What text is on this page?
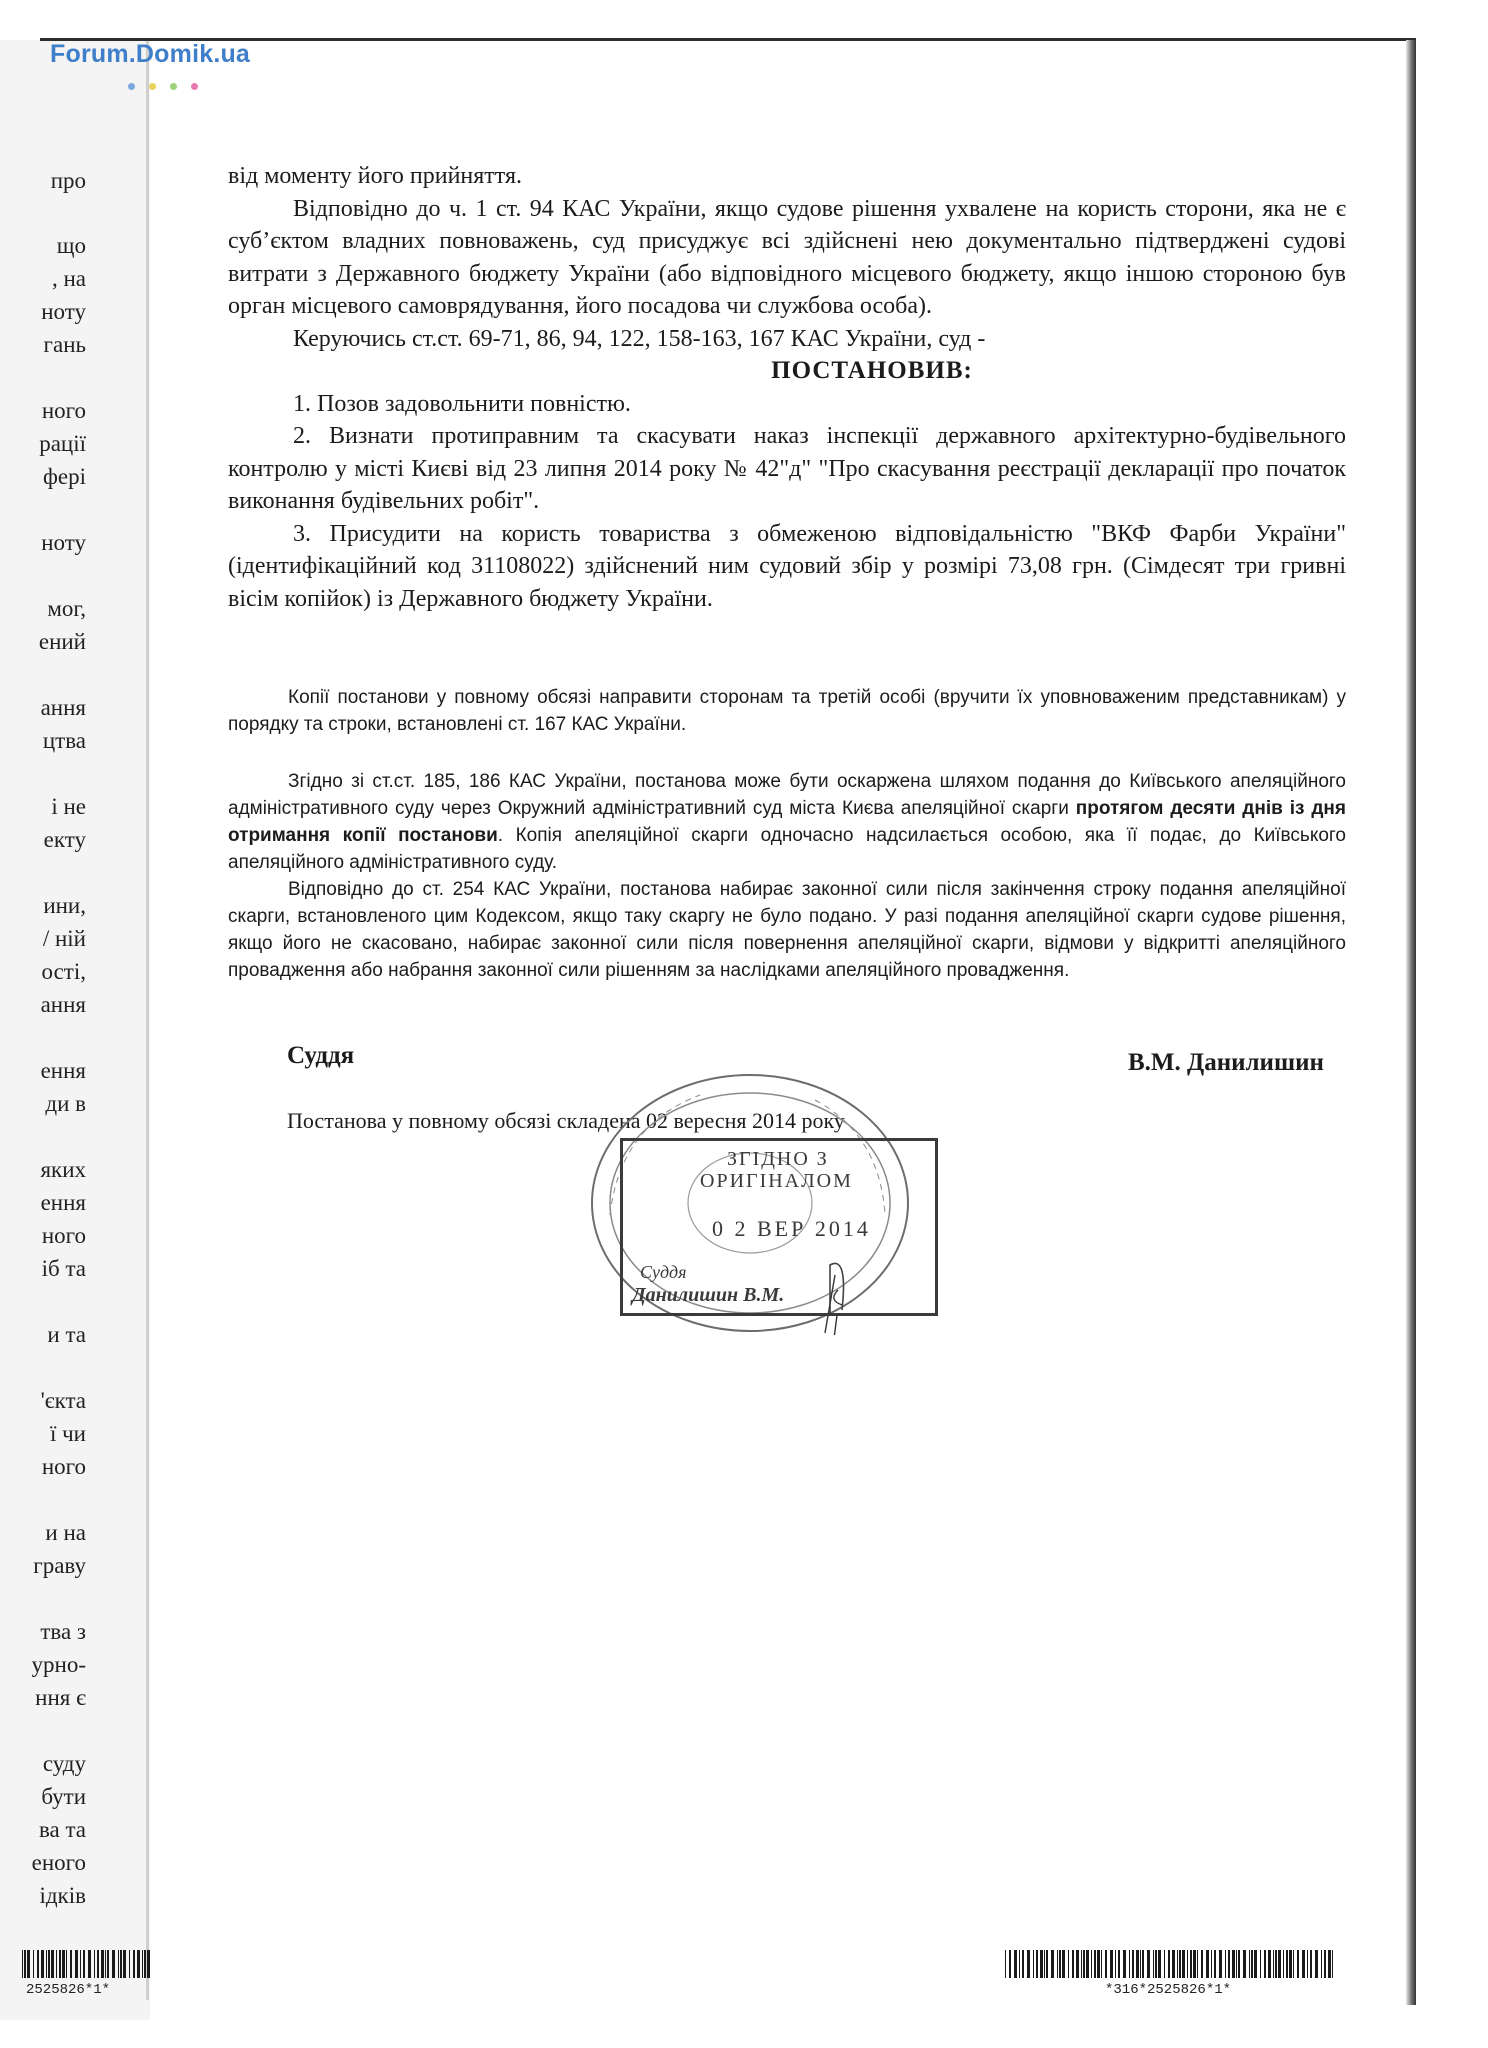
Forum.Domik.ua
про
що
, на
ноту
гань
ного
рації
фері
ноту
мог,
ений
ання
цтва
і не
екту
ини,
/ ній
ості,
ання
ення
ди в
яких
ення
ного
іб та
и та
'єкта
ї чи
ного
и на
граву
тва з
урно-
ння є
суду
бути
ва та
еного
ідків

від моменту його прийняття.

Відповідно до ч. 1 ст. 94 КАС України, якщо судове рішення ухвалене на користь сторони, яка не є суб’єктом владних повноважень, суд присуджує всі здійснені нею документально підтверджені судові витрати з Державного бюджету України (або відповідного місцевого бюджету, якщо іншою стороною був орган місцевого самоврядування, його посадова чи службова особа).

Керуючись ст.ст. 69-71, 86, 94, 122, 158-163, 167 КАС України, суд -

ПОСТАНОВИВ:

1. Позов задовольнити повністю.

2. Визнати протиправним та скасувати наказ інспекції державного архітектурно-будівельного контролю у місті Києві від 23 липня 2014 року № 42"д" "Про скасування реєстрації декларації про початок виконання будівельних робіт".

3. Присудити на користь товариства з обмеженою відповідальністю "ВКФ Фарби України" (ідентифікаційний код 31108022) здійснений ним судовий збір у розмірі 73,08 грн. (Сімдесят три гривні вісім копійок) із Державного бюджету України.

Копії постанови у повному обсязі направити сторонам та третій особі (вручити їх уповноваженим представникам) у порядку та строки, встановлені ст. 167 КАС України.

Згідно зі ст.ст. 185, 186 КАС України, постанова може бути оскаржена шляхом подання до Київського апеляційного адміністративного суду через Окружний адміністративний суд міста Києва апеляційної скарги протягом десяти днів із дня отримання копії постанови. Копія апеляційної скарги одночасно надсилається особою, яка її подає, до Київського апеляційного адміністративного суду.

Відповідно до ст. 254 КАС України, постанова набирає законної сили після закінчення строку подання апеляційної скарги, встановленого цим Кодексом, якщо таку скаргу не було подано. У разі подання апеляційної скарги судове рішення, якщо його не скасовано, набирає законної сили після повернення апеляційної скарги, відмови у відкритті апеляційного провадження або набрання законної сили рішенням за наслідками апеляційного провадження.

Суддя	В.М. Данилишин
Постанова у повному обсязі складена 02 вересня 2014 року
ЗГІДНО З
ОРИГІНАЛОМ
0 2 ВЕР 2014
Суддя
Данилишин В.М.
2525826*1*	*316*2525826*1*
